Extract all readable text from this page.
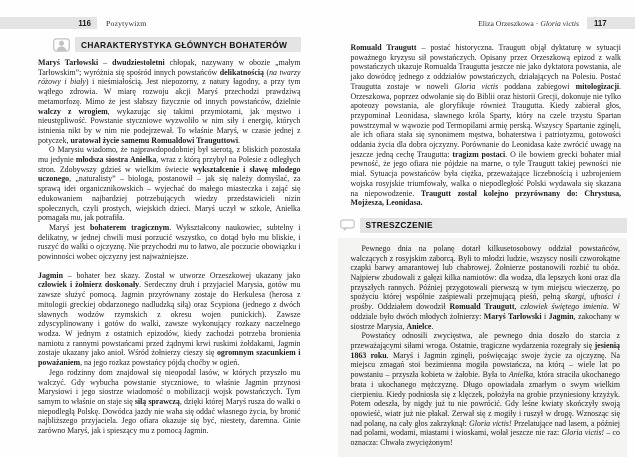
116 Pozytywizm
CHARAKTERYSTYKA GŁÓWNYCH BOHATERÓW

Maryś Tarłowski – dwudziestoletni chłopak, nazywany w obozie „małym Tarłowskim”; wyróżnia się spośród innych powstańców delikatnością (na twarzy różowy i biały) i nieśmiałością. Jest niepozorny, z natury łagodny, a przy tym wątłego zdrowia. W miarę rozwoju akcji Maryś przechodzi prawdziwą metamorfozę. Mimo że jest słabszy fizycznie od innych powstańców, dzielnie walczy z wrogiem, wykazując się takimi przymiotami, jak męstwo i nieustępliwość. Powstanie styczniowe wyzwoliło w nim siły i energię, których istnienia nikt by w nim nie podejrzewał. To właśnie Maryś, w czasie jednej z potyczek, uratował życie samemu Romualdowi Trauguttowi.

O Marysiu wiadomo, że najprawdopodobniej był sierotą, z bliskich pozostała mu jedynie młodsza siostra Anielka, wraz z którą przybył na Polesie z odległych stron. Zdobywszy gdzieś w wielkim świecie wykształcenie i sławę młodego uczonego, „naturalisty” – biologa, postanowił – jak się należy domyślać, za sprawą idei organicznikowskich – wyjechać do małego miasteczka i zająć się edukowaniem najbardziej potrzebujących wiedzy przedstawicieli nizin społecznych, czyli prostych, wiejskich dzieci. Maryś uczył w szkole, Anielka pomagała mu, jak potrafiła.

Maryś jest bohaterem tragicznym. Wykształcony naukowiec, subtelny i delikatny, w jednej chwili musi porzucić wszystko, co dotąd było mu bliskie, i ruszyć do walki o ojczyznę. Nie przychodzi mu to łatwo, ale poczucie obowiązku i powinności wobec ojczyzny jest najważniejsze.

Jagmin – bohater bez skazy. Został w utworze Orzeszkowej ukazany jako człowiek i żołnierz doskonały. Serdeczny druh i przyjaciel Marysia, gotów mu zawsze służyć pomocą. Jagmin przyrównany zostaje do Herkulesa (herosa z mitologii greckiej obdarzonego nadludzką siłą) oraz Scypiona (jednego z dwóch sławnych wodzów rzymskich z okresu wojen punickich). Zawsze zdyscyplinowany i gotów do walki, zawsze wykonujący rozkazy naczelnego wodza. W jednym z ostatnich epizodów, kiedy zachodzi potrzeba bronienia namiotu z rannymi powstańcami przed żądnymi krwi ruskimi żołdakami, Jagmin zostaje ukazany jako anioł. Wśród żołnierzy cieszy się ogromnym szacunkiem i poważaniem, na jego rozkaz powstańcy pójdą choćby w ogień.

Jego rodzinny dom znajdował się nieopodal lasów, w których przyszło mu walczyć. Gdy wybucha powstanie styczniowe, to właśnie Jagmin przynosi Marysiowi i jego siostrze wiadomość o mobilizacji wojsk powstańczych. Tym samym to właśnie on staje się siłą sprawczą, dzięki której Maryś rusza do walki o niepodległą Polskę. Dowódca jazdy nie waha się oddać własnego życia, by bronić najbliższego przyjaciela. Jego ofiara okazuje się być, niestety, daremna. Ginie zarówno Maryś, jak i spieszący mu z pomocą Jagmin.

Eliza Orzeszkowa · Gloria victis 117

Romuald Traugutt – postać historyczna. Traugutt objął dyktaturę w sytuacji poważnego kryzysu sił powstańczych. Opisany przez Orzeszkową epizod z walk powstańczych ukazuje Romualda Traugutta jeszcze nie jako dyktatora powstania, ale jako dowódcę jednego z oddziałów powstańczych, działających na Polesiu. Postać Traugutta zostaje w noweli Gloria victis poddana zabiegowi mitologizacji. Orzeszkowa, poprzez odwołanie się do Biblii oraz historii Grecji, dokonuje nie tylko apoteozy powstania, ale gloryfikuje również Traugutta. Kiedy zabierał głos, przypominał Leonidasa, sławnego króla Sparty, który na czele trzystu Spartan powstrzymał w wąwozie pod Termopilami armię perską. Wszyscy Spartanie zginęli, ale ich ofiara stała się synonimem męstwa, bohaterstwa i patriotyzmu, gotowości oddania życia dla dobra ojczyzny. Porównanie do Leonidasa każe zwrócić uwagę na jeszcze jedną cechę Traugutta: tragizm postaci. O ile bowiem grecki bohater miał pewność, że jego ofiara nie pójdzie na marne, o tyle Traugutt takiej pewności nie miał. Sytuacja powstańców była ciężka, przeważające liczebnością i uzbrojeniem wojska rosyjskie triumfowały, walka o niepodległość Polski wydawała się skazana na niepowodzenie. Traugutt został kolejno przyrównany do: Chrystusa, Mojżesza, Leonidasa.

STRESZCZENIE

Pewnego dnia na polanę dotarł kilkusetosobowy oddział powstańców, walczących z rosyjskim zaborcą. Byli to młodzi ludzie, wszyscy nosili czworokątne czapki barwy amarantowej lub chabrowej. Żołnierze postanowili rozbić tu obóz. Najpierw zbudowali z gałęzi kilka namiotów: dla wodza, dla lepszych koni oraz dla przyszłych rannych. Później przygotowali pierwszą w tym miejscu wieczerzę, po spożyciu której wspólnie zaśpiewali przejmującą pieśń, pełną skargi, ufności i prośby. Oddziałem dowodził Romuald Traugutt, człowiek świętego imienia. W oddziale było dwóch młodych żołnierzy: Maryś Tarłowski i Jagmin, zakochany w siostrze Marysia, Anielce.

Powstańcy odnosili zwycięstwa, ale pewnego dnia doszło do starcia z przeważającymi siłami wroga. Ostatnie, tragiczne wydarzenia rozegrały się jesienią 1863 roku. Maryś i Jagmin zginęli, poświęcając swoje życie za ojczyznę. Na miejscu zmagań stoi bezimienna mogiła powstańcza, na którą – wiele lat po powstaniu – przyszła kobieta w żałobie. Była to Anielka, która straciła ukochanego brata i ukochanego mężczyznę. Długo opowiadała zmarłym o swym wielkim cierpieniu. Kiedy podniosła się z klęczek, położyła na grobie przyniesiony krzyżyk. Potem odeszła, by nigdy już tu nie powrócić. Gdy leśne kwiaty skończyły swoją opowieść, wiatr już nie płakał. Zerwał się z mogiły i ruszył w drogę. Wznosząc się nad polanę, na cały głos zakrzyknął: Gloria victis! Przelatujące nad lasem, a później nad polami, wodami, miastami i wioskami, wołał jeszcze nie raz: Gloria victis! – co oznacza: Chwała zwyciężonym!
